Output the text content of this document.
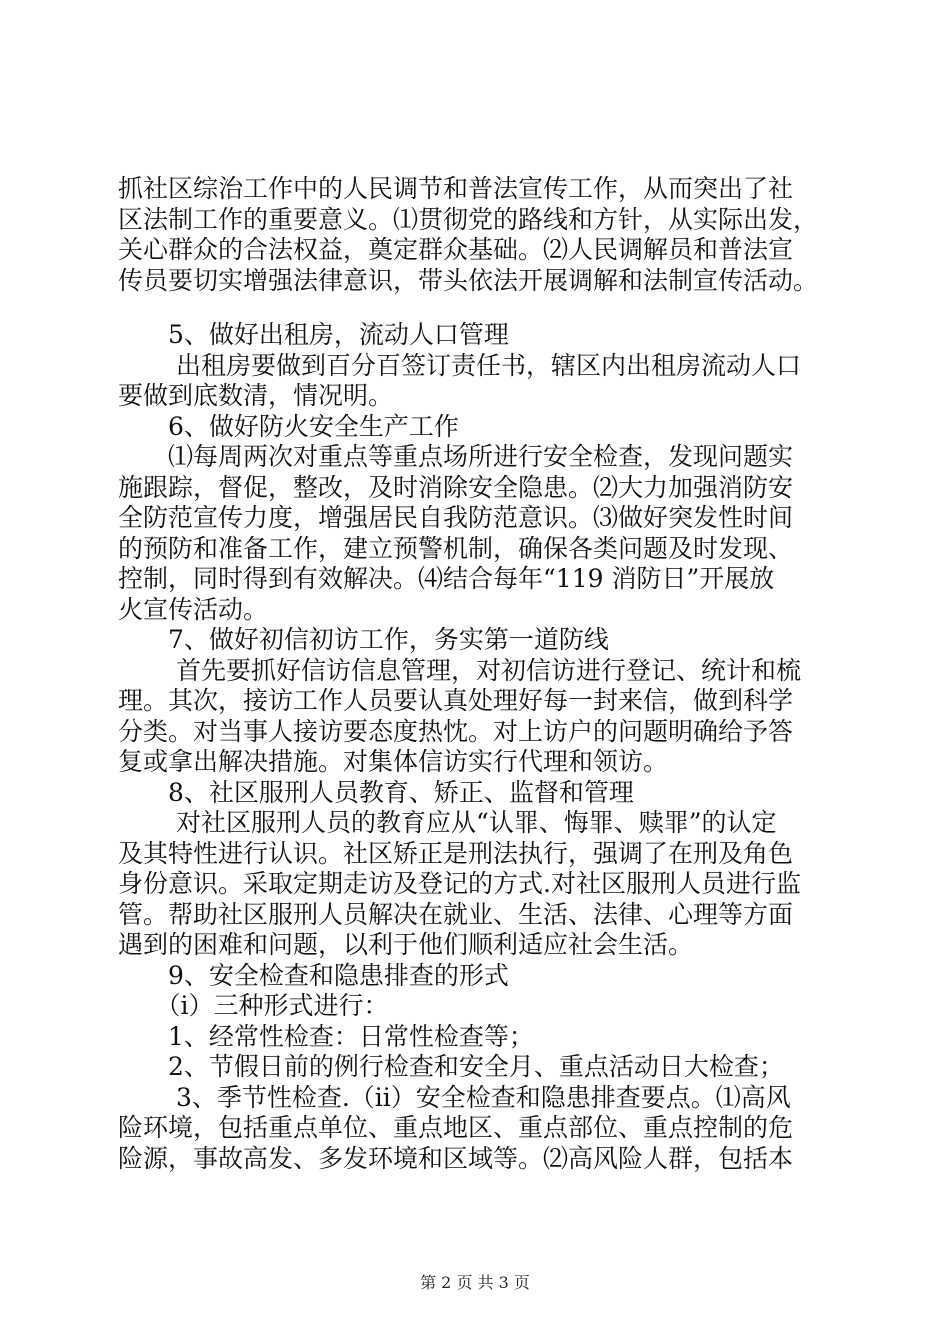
抓社区综治工作中的人民调节和普法宣传工作，从而突出了社
区法制工作的重要意义。⑴贯彻党的路线和方针，从实际出发，
关心群众的合法权益，奠定群众基础。⑵人民调解员和普法宣
传员要切实增强法律意识，带头依法开展调解和法制宣传活动。
　　5、做好出租房，流动人口管理
　　 出租房要做到百分百签订责任书，辖区内出租房流动人口
要做到底数清，情况明。
　　6、做好防火安全生产工作
　　⑴每周两次对重点等重点场所进行安全检查，发现问题实
施跟踪，督促，整改，及时消除安全隐患。⑵大力加强消防安
全防范宣传力度，增强居民自我防范意识。⑶做好突发性时间
的预防和准备工作，建立预警机制，确保各类问题及时发现、
控制，同时得到有效解决。⑷结合每年“119 消防日”开展放
火宣传活动。
　　7、做好初信初访工作，务实第一道防线
　　 首先要抓好信访信息管理，对初信访进行登记、统计和梳
理。其次，接访工作人员要认真处理好每一封来信，做到科学
分类。对当事人接访要态度热忱。对上访户的问题明确给予答
复或拿出解决措施。对集体信访实行代理和领访。
　　8、社区服刑人员教育、矫正、监督和管理
　　 对社区服刑人员的教育应从“认罪、悔罪、赎罪”的认定
及其特性进行认识。社区矫正是刑法执行，强调了在刑及角色
身份意识。采取定期走访及登记的方式.对社区服刑人员进行监
管。帮助社区服刑人员解决在就业、生活、法律、心理等方面
遇到的困难和问题，以利于他们顺利适应社会生活。
　　9、安全检查和隐患排查的形式
　　（ⅰ）三种形式进行：
　　1、经常性检查：日常性检查等；
　　2、节假日前的例行检查和安全月、重点活动日大检查；
　　 3、季节性检查.（ⅱ）安全检查和隐患排查要点。⑴高风
险环境，包括重点单位、重点地区、重点部位、重点控制的危
险源，事故高发、多发环境和区域等。⑵高风险人群，包括本
第 2 页 共 3 页
